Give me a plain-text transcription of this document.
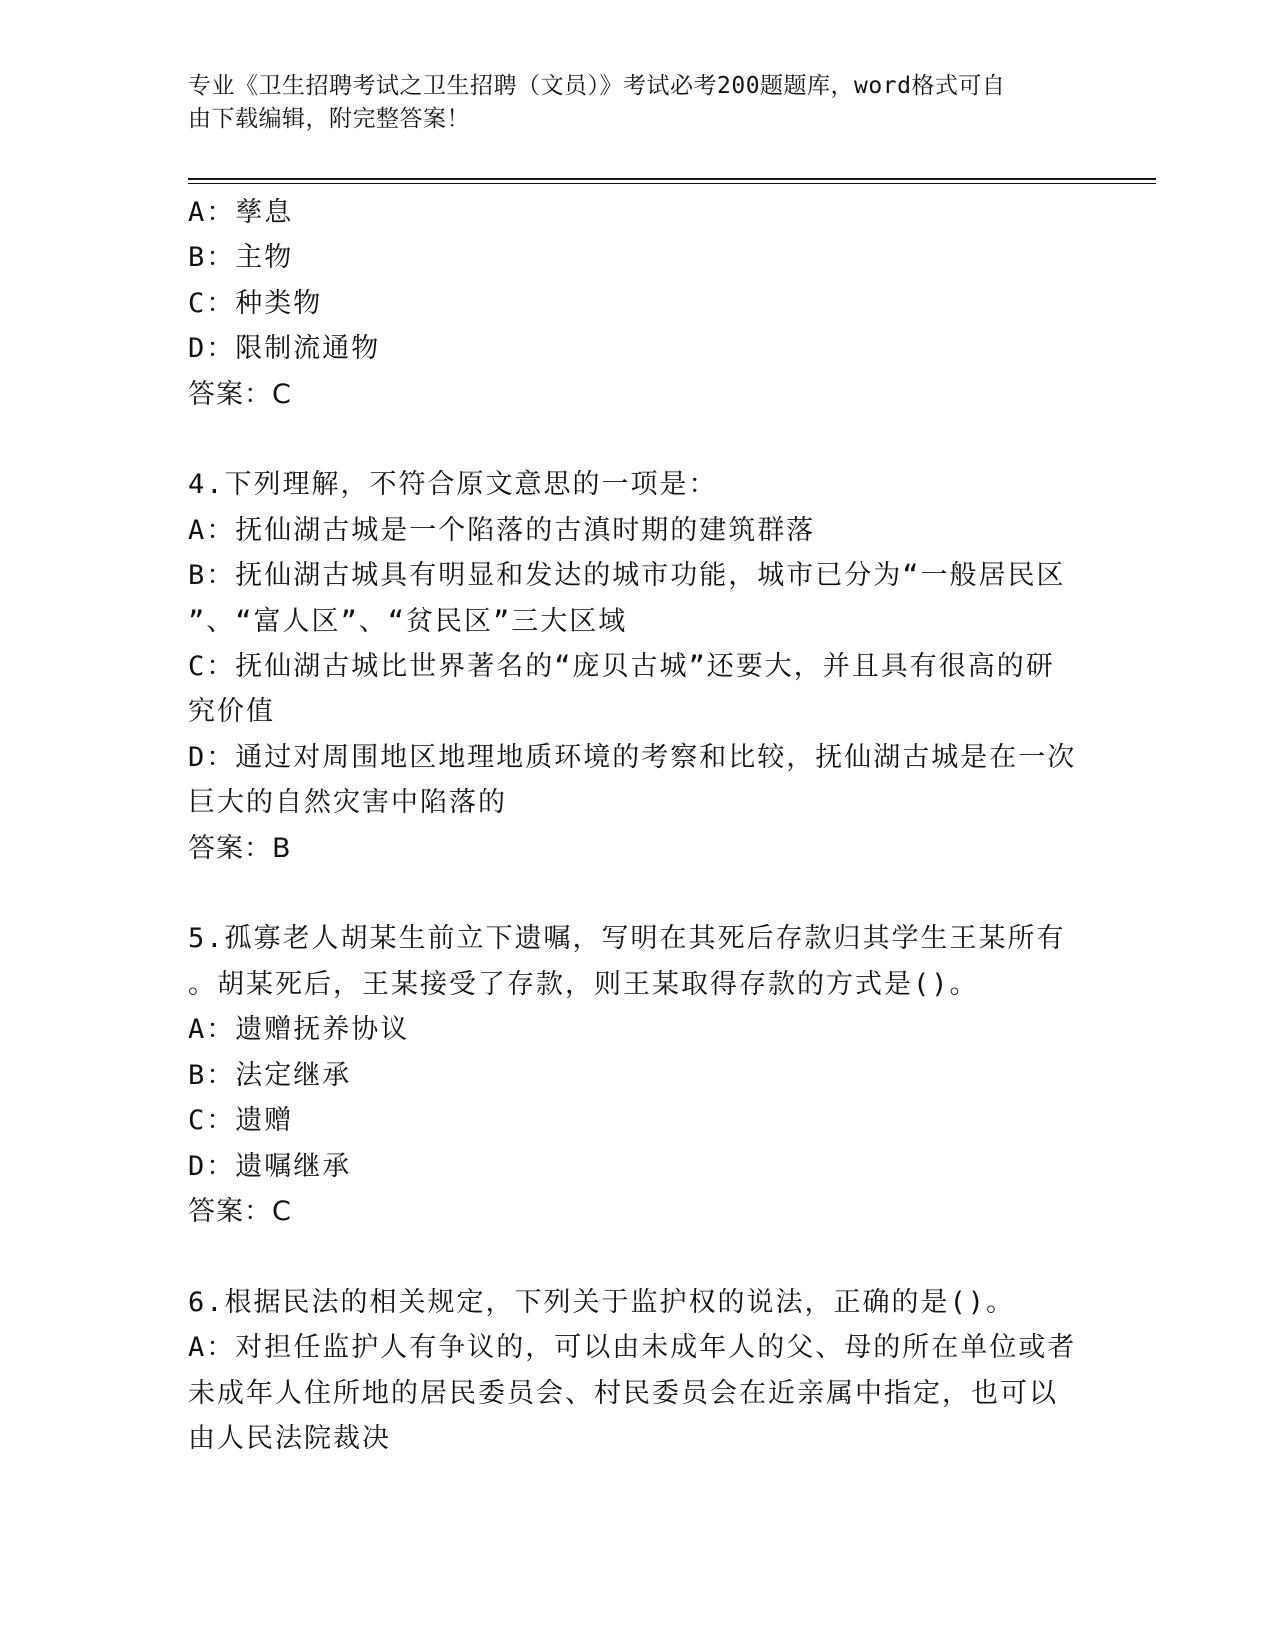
专业《卫生招聘考试之卫生招聘（文员）》考试必考200题题库，word格式可自
由下载编辑，附完整答案！
A：孳息
B：主物
C：种类物
D：限制流通物
答案：C
4.下列理解，不符合原文意思的一项是：
A：抚仙湖古城是一个陷落的古滇时期的建筑群落
B：抚仙湖古城具有明显和发达的城市功能，城市已分为“一般居民区
”、“富人区”、“贫民区”三大区域
C：抚仙湖古城比世界著名的“庞贝古城”还要大，并且具有很高的研
究价值
D：通过对周围地区地理地质环境的考察和比较，抚仙湖古城是在一次
巨大的自然灾害中陷落的
答案：B
5.孤寡老人胡某生前立下遗嘱，写明在其死后存款归其学生王某所有
。胡某死后，王某接受了存款，则王某取得存款的方式是()。
A：遗赠抚养协议
B：法定继承
C：遗赠
D：遗嘱继承
答案：C
6.根据民法的相关规定，下列关于监护权的说法，正确的是()。
A：对担任监护人有争议的，可以由未成年人的父、母的所在单位或者
未成年人住所地的居民委员会、村民委员会在近亲属中指定，也可以
由人民法院裁决
